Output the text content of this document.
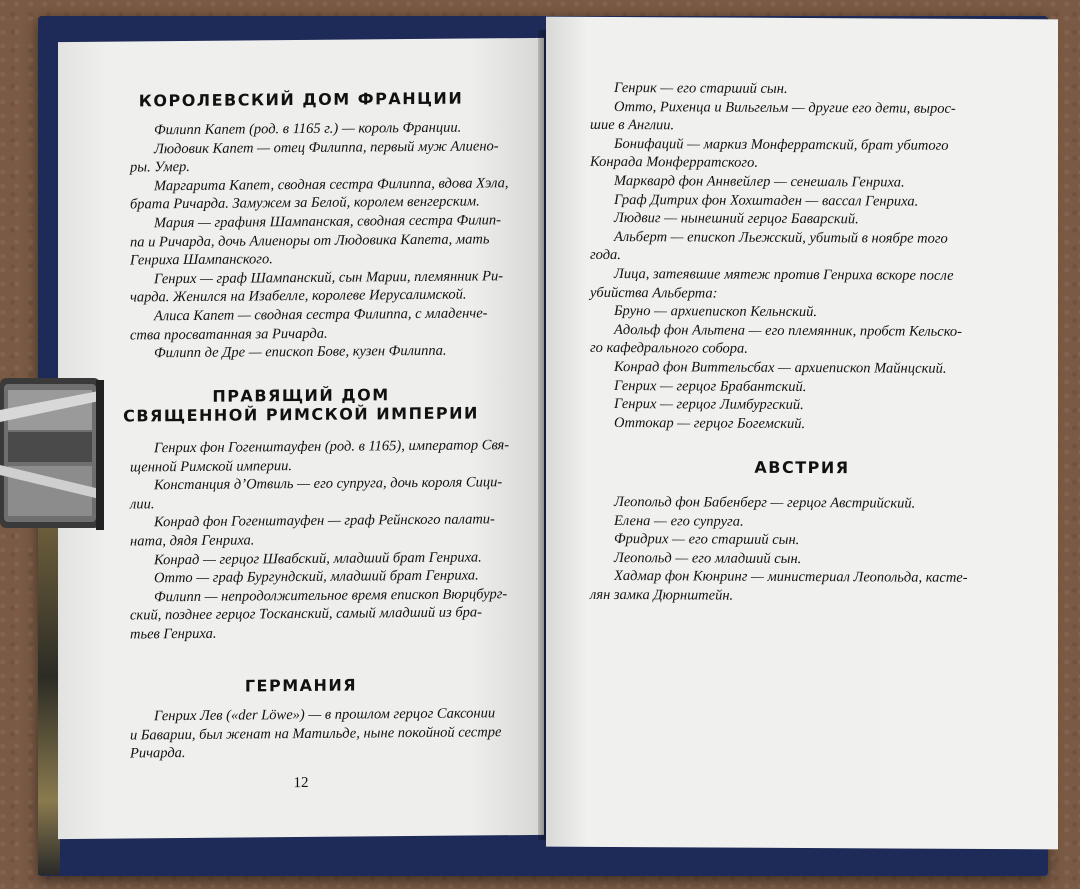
КОРОЛЕВСКИЙ ДОМ ФРАНЦИИ
Филипп Капет (род. в 1165 г.) — король Франции.
Людовик Капет — отец Филиппа, первый муж Алиено-
ры. Умер.
Маргарита Капет, сводная сестра Филиппа, вдова Хэла,
брата Ричарда. Замужем за Белой, королем венгерским.
Мария — графиня Шампанская, сводная сестра Филип-
па и Ричарда, дочь Алиеноры от Людовика Капета, мать
Генриха Шампанского.
Генрих — граф Шампанский, сын Марии, племянник Ри-
чарда. Женился на Изабелле, королеве Иерусалимской.
Алиса Капет — сводная сестра Филиппа, с младенче-
ства просватанная за Ричарда.
Филипп де Дре — епископ Бове, кузен Филиппа.
ПРАВЯЩИЙ ДОМ
СВЯЩЕННОЙ РИМСКОЙ ИМПЕРИИ
Генрих фон Гогенштауфен (род. в 1165), император Свя-
щенной Римской империи.
Констанция д’Отвиль — его супруга, дочь короля Сици-
лии.
Конрад фон Гогенштауфен — граф Рейнского палати-
ната, дядя Генриха.
Конрад — герцог Швабский, младший брат Генриха.
Отто — граф Бургундский, младший брат Генриха.
Филипп — непродолжительное время епископ Вюрцбург-
ский, позднее герцог Тосканский, самый младший из бра-
тьев Генриха.
ГЕРМАНИЯ
Генрих Лев («der Löwe») — в прошлом герцог Саксонии
и Баварии, был женат на Матильде, ныне покойной сестре
Ричарда.
12
Генрик — его старший сын.
Отто, Рихенца и Вильгельм — другие его дети, вырос-
шие в Англии.
Бонифаций — маркиз Монферратский, брат убитого
Конрада Монферратского.
Марквард фон Аннвейлер — сенешаль Генриха.
Граф Дитрих фон Хохштаден — вассал Генриха.
Людвиг — нынешний герцог Баварский.
Альберт — епископ Льежский, убитый в ноябре того
года.
Лица, затеявшие мятеж против Генриха вскоре после
убийства Альберта:
Бруно — архиепископ Кельнский.
Адольф фон Альтена — его племянник, пробст Кельско-
го кафедрального собора.
Конрад фон Виттельсбах — архиепископ Майнцский.
Генрих — герцог Брабантский.
Генрих — герцог Лимбургский.
Оттокар — герцог Богемский.
АВСТРИЯ
Леопольд фон Бабенберг — герцог Австрийский.
Елена — его супруга.
Фридрих — его старший сын.
Леопольд — его младший сын.
Хадмар фон Кюнринг — министериал Леопольда, касте-
лян замка Дюрнштейн.
